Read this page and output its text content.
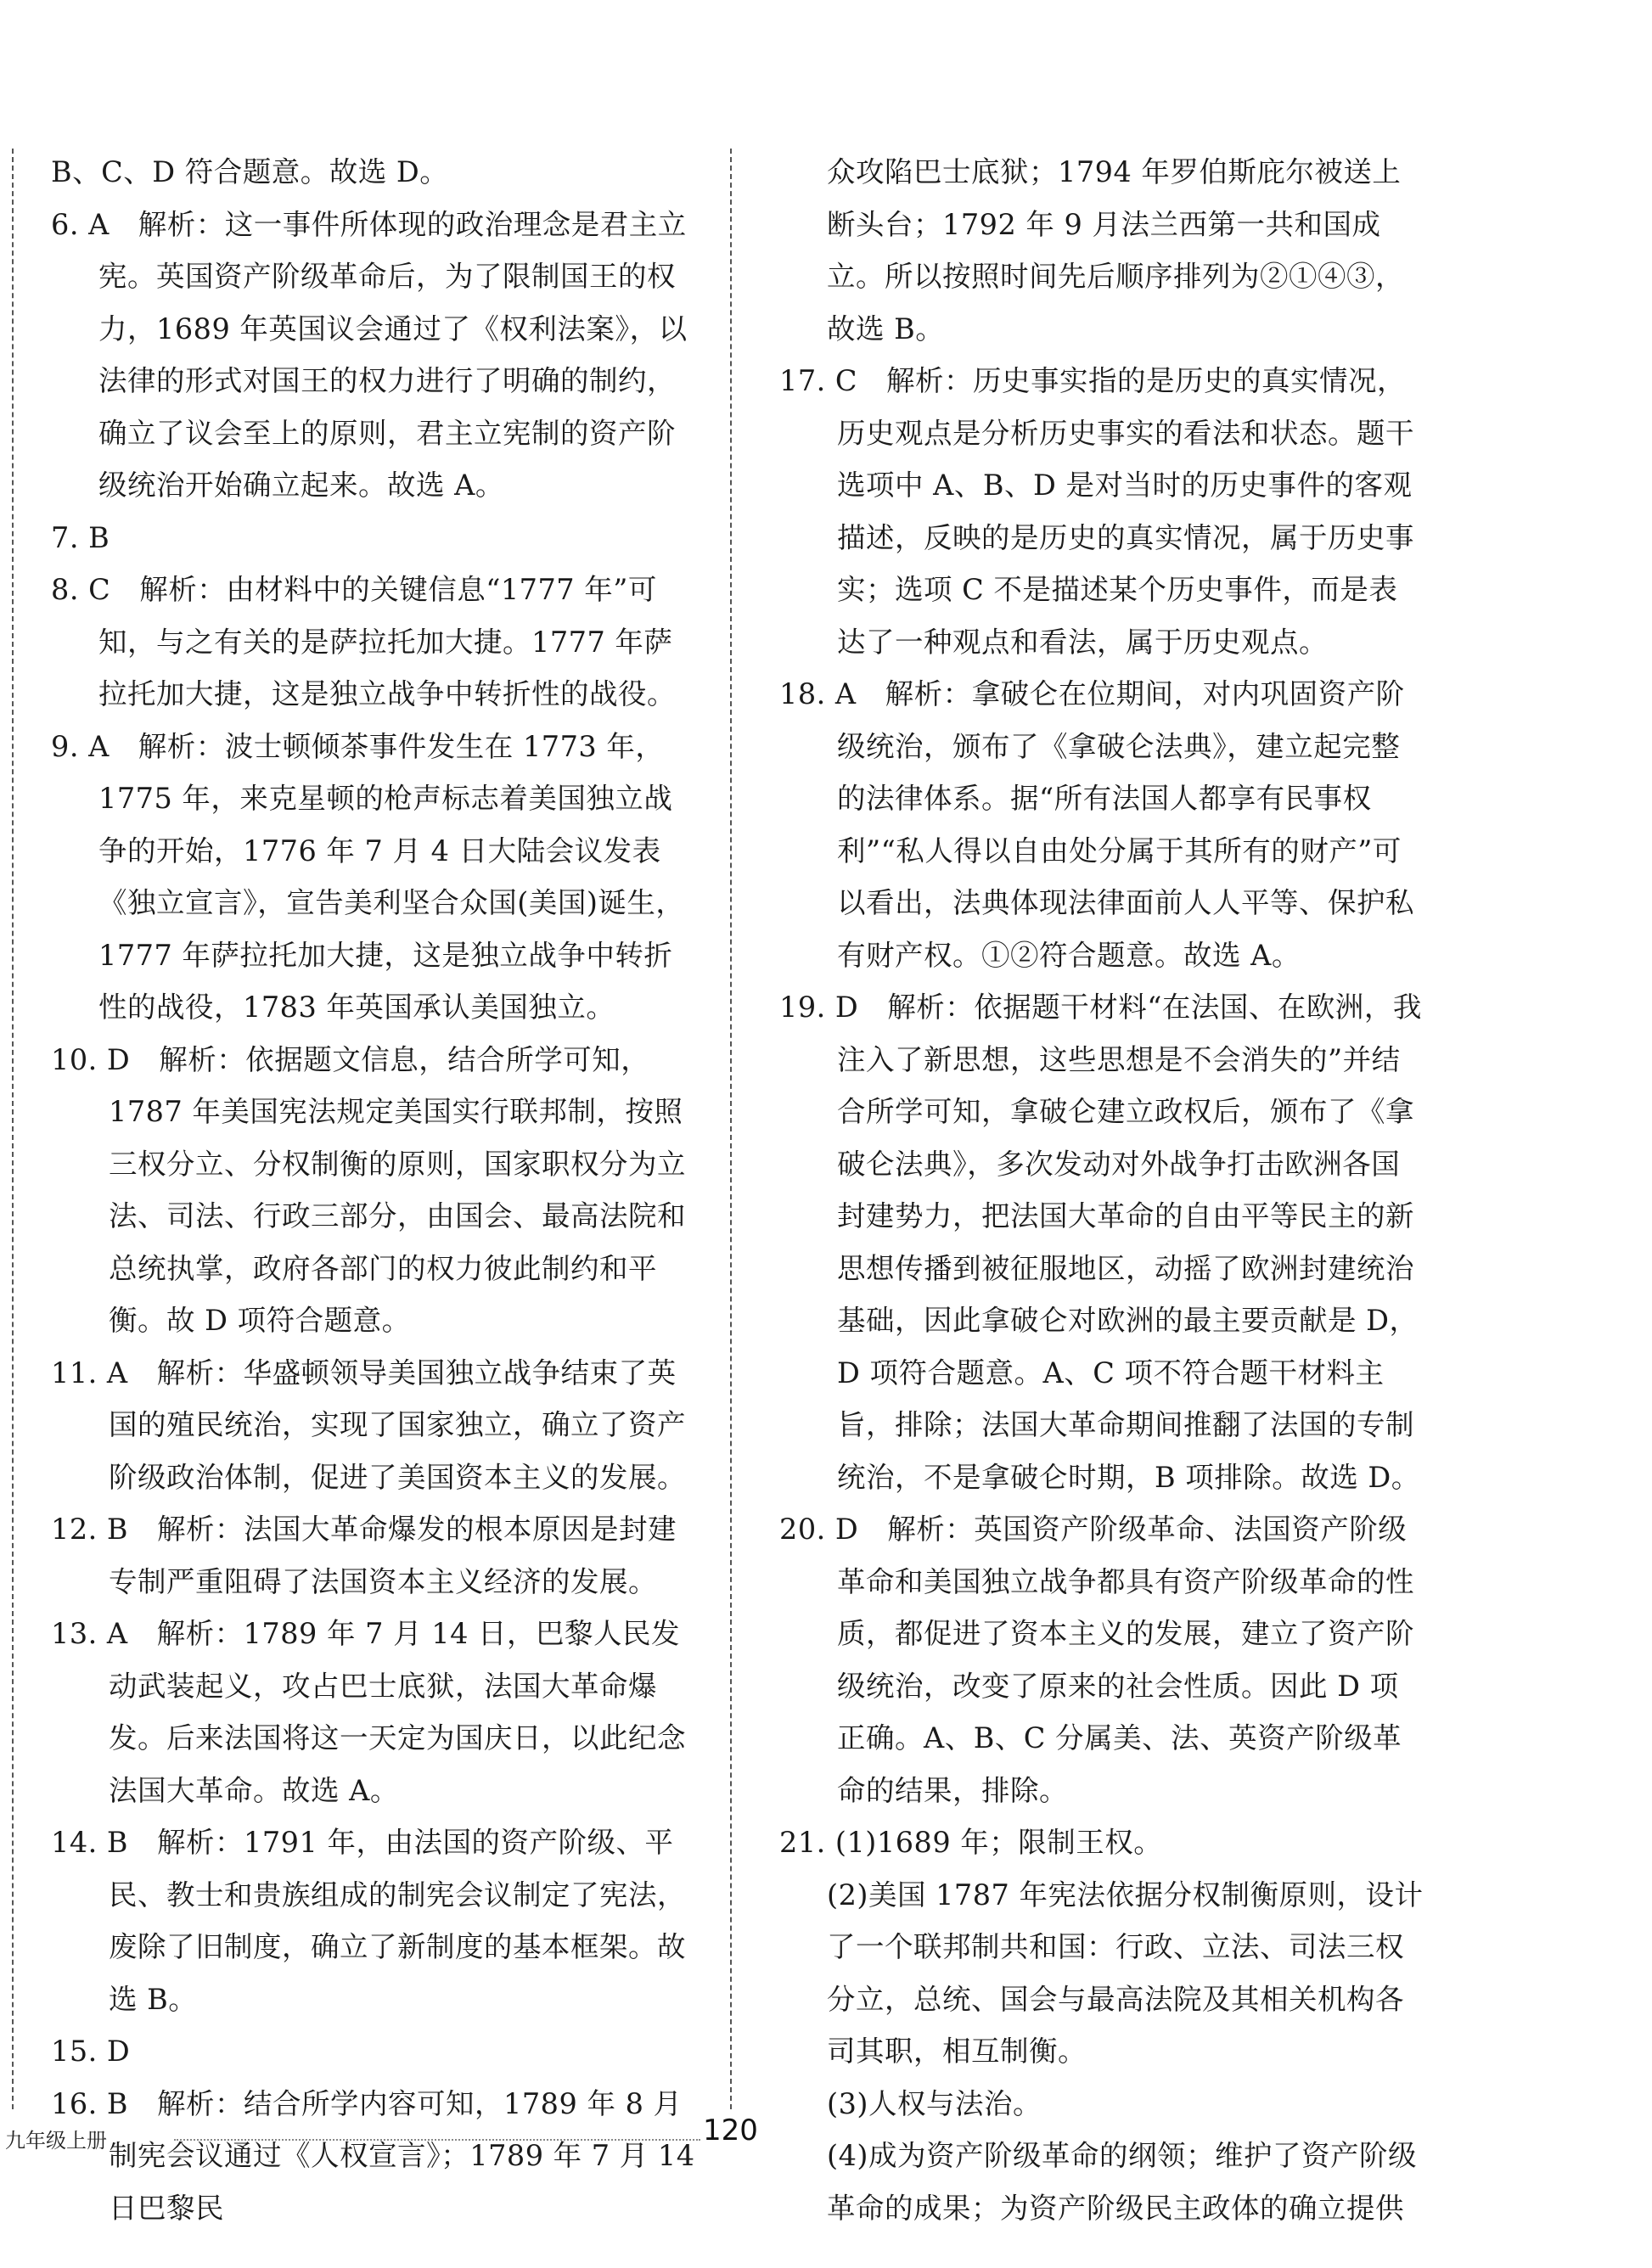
B、C、D 符合题意。故选 D。

6. A　解析：这一事件所体现的政治理念是君主立宪。英国资产阶级革命后，为了限制国王的权力，1689 年英国议会通过了《权利法案》，以法律的形式对国王的权力进行了明确的制约，确立了议会至上的原则，君主立宪制的资产阶级统治开始确立起来。故选 A。

7. B

8. C　解析：由材料中的关键信息“1777 年”可知，与之有关的是萨拉托加大捷。1777 年萨拉托加大捷，这是独立战争中转折性的战役。

9. A　解析：波士顿倾茶事件发生在 1773 年，1775 年，来克星顿的枪声标志着美国独立战争的开始，1776 年 7 月 4 日大陆会议发表《独立宣言》，宣告美利坚合众国(美国)诞生，1777 年萨拉托加大捷，这是独立战争中转折性的战役，1783 年英国承认美国独立。

10. D　解析：依据题文信息，结合所学可知，1787 年美国宪法规定美国实行联邦制，按照三权分立、分权制衡的原则，国家职权分为立法、司法、行政三部分，由国会、最高法院和总统执掌，政府各部门的权力彼此制约和平衡。故 D 项符合题意。

11. A　解析：华盛顿领导美国独立战争结束了英国的殖民统治，实现了国家独立，确立了资产阶级政治体制，促进了美国资本主义的发展。

12. B　解析：法国大革命爆发的根本原因是封建专制严重阻碍了法国资本主义经济的发展。

13. A　解析：1789 年 7 月 14 日，巴黎人民发动武装起义，攻占巴士底狱，法国大革命爆发。后来法国将这一天定为国庆日，以此纪念法国大革命。故选 A。

14. B　解析：1791 年，由法国的资产阶级、平民、教士和贵族组成的制宪会议制定了宪法，废除了旧制度，确立了新制度的基本框架。故选 B。

15. D

16. B　解析：结合所学内容可知，1789 年 8 月制宪会议通过《人权宣言》；1789 年 7 月 14 日巴黎民

众攻陷巴士底狱；1794 年罗伯斯庇尔被送上断头台；1792 年 9 月法兰西第一共和国成立。所以按照时间先后顺序排列为②①④③，故选 B。

17. C　解析：历史事实指的是历史的真实情况，历史观点是分析历史事实的看法和状态。题干选项中 A、B、D 是对当时的历史事件的客观描述，反映的是历史的真实情况，属于历史事实；选项 C 不是描述某个历史事件，而是表达了一种观点和看法，属于历史观点。

18. A　解析：拿破仑在位期间，对内巩固资产阶级统治，颁布了《拿破仑法典》，建立起完整的法律体系。据“所有法国人都享有民事权利”“私人得以自由处分属于其所有的财产”可以看出，法典体现法律面前人人平等、保护私有财产权。①②符合题意。故选 A。

19. D　解析：依据题干材料“在法国、在欧洲，我注入了新思想，这些思想是不会消失的”并结合所学可知，拿破仑建立政权后，颁布了《拿破仑法典》，多次发动对外战争打击欧洲各国封建势力，把法国大革命的自由平等民主的新思想传播到被征服地区，动摇了欧洲封建统治基础，因此拿破仑对欧洲的最主要贡献是 D，D 项符合题意。A、C 项不符合题干材料主旨，排除；法国大革命期间推翻了法国的专制统治，不是拿破仑时期，B 项排除。故选 D。

20. D　解析：英国资产阶级革命、法国资产阶级革命和美国独立战争都具有资产阶级革命的性质，都促进了资本主义的发展，建立了资产阶级统治，改变了原来的社会性质。因此 D 项正确。A、B、C 分属美、法、英资产阶级革命的结果，排除。

21. (1)1689 年；限制王权。

(2)美国 1787 年宪法依据分权制衡原则，设计了一个联邦制共和国：行政、立法、司法三权分立，总统、国会与最高法院及其相关机构各司其职，相互制衡。

(3)人权与法治。

(4)成为资产阶级革命的纲领；维护了资产阶级革命的成果；为资产阶级民主政体的确立提供

九年级上册	120
